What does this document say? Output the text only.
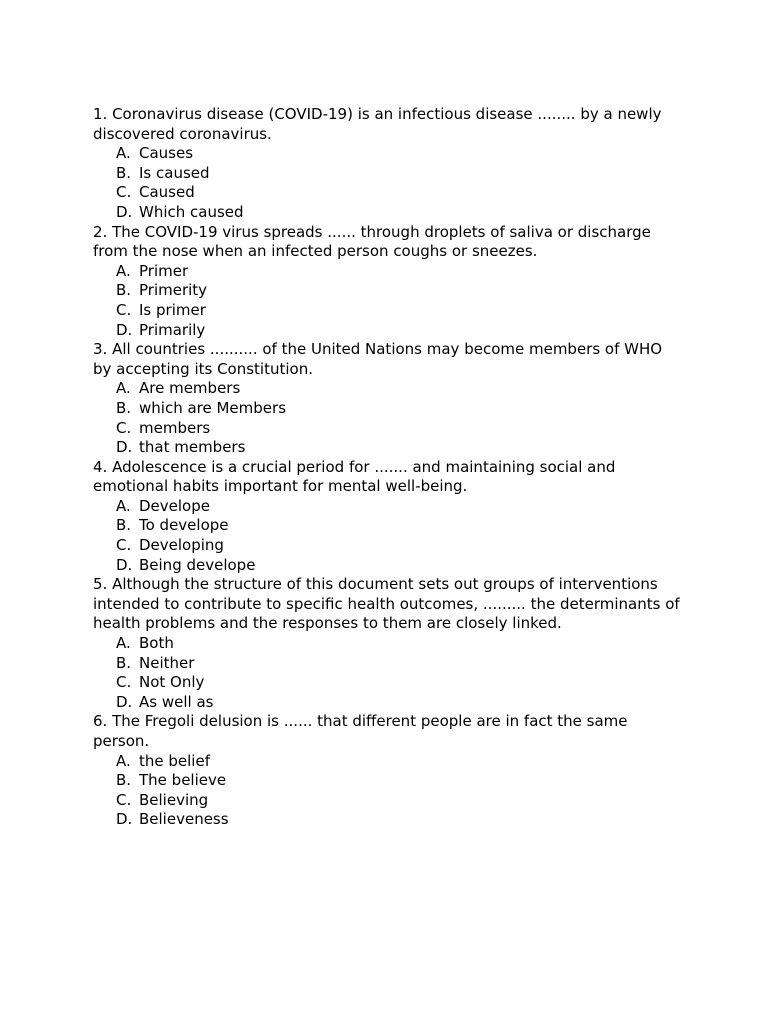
1. Coronavirus disease (COVID-19) is an infectious disease ........ by a newly discovered coronavirus.

A. Causes
B. Is caused
C. Caused
D. Which caused

2. The COVID-19 virus spreads ...... through droplets of saliva or discharge from the nose when an infected person coughs or sneezes.

A. Primer
B. Primerity
C. Is primer
D. Primarily

3. All countries .......... of the United Nations may become members of WHO by accepting its Constitution.

A. Are members
B. which are Members
C. members
D. that members

4. Adolescence is a crucial period for ....... and maintaining social and emotional habits important for mental well-being.

A. Develope
B. To develope
C. Developing
D. Being develope

5. Although the structure of this document sets out groups of interventions intended to contribute to specific health outcomes, ......... the determinants of health problems and the responses to them are closely linked.

A. Both
B. Neither
C. Not Only
D. As well as

6. The Fregoli delusion is ...... that different people are in fact the same person.

A. the belief
B. The believe
C. Believing
D. Believeness
